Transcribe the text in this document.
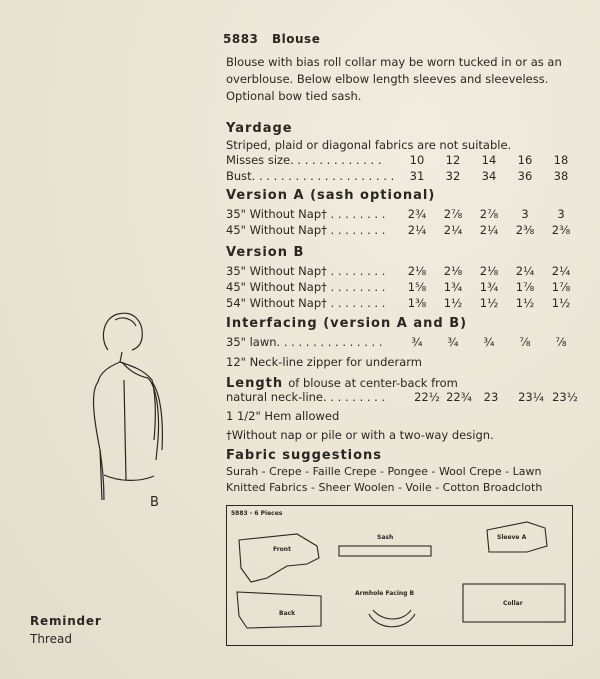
5883 Blouse
Blouse with bias roll collar may be worn tucked in or as an overblouse. Below elbow length sleeves and sleeveless. Optional bow tied sash.
Yardage
Striped, plaid or diagonal fabrics are not suitable.
Misses size. . . . . . . . . . . . .	10	12	14	16	18
Bust. . . . . . . . . . . . . . . . . . . .	31	32	34	36	38
Version A (sash optional)
35" Without Nap† . . . . . . . .	2¾	2⅞	2⅞	3	3
45" Without Nap† . . . . . . . .	2¼	2¼	2¼	2⅜	2⅜
Version B
35" Without Nap† . . . . . . . .	2⅛	2⅛	2⅛	2¼	2¼
45" Without Nap† . . . . . . . .	1⅝	1¾	1¾	1⅞	1⅞
54" Without Nap† . . . . . . . .	1⅜	1½	1½	1½	1½
Interfacing (version A and B)
35" lawn. . . . . . . . . . . . . . .	¾	¾	¾	⅞	⅞
12" Neck-line zipper for underarm
Length of blouse at center-back from
natural neck-line. . . . . . . . .	22½ 22¾	23	23¼ 23½
1 1/2" Hem allowed
†Without nap or pile or with a two-way design.
Fabric suggestions
Surah - Crepe - Faille Crepe - Pongee - Wool Crepe - Lawn
Knitted Fabrics - Sheer Woolen - Voile - Cotton Broadcloth
B
Reminder
Thread
5883 - 6 Pieces
Front
Sash	Sleeve A
Back
Armhole Facing B
Collar
